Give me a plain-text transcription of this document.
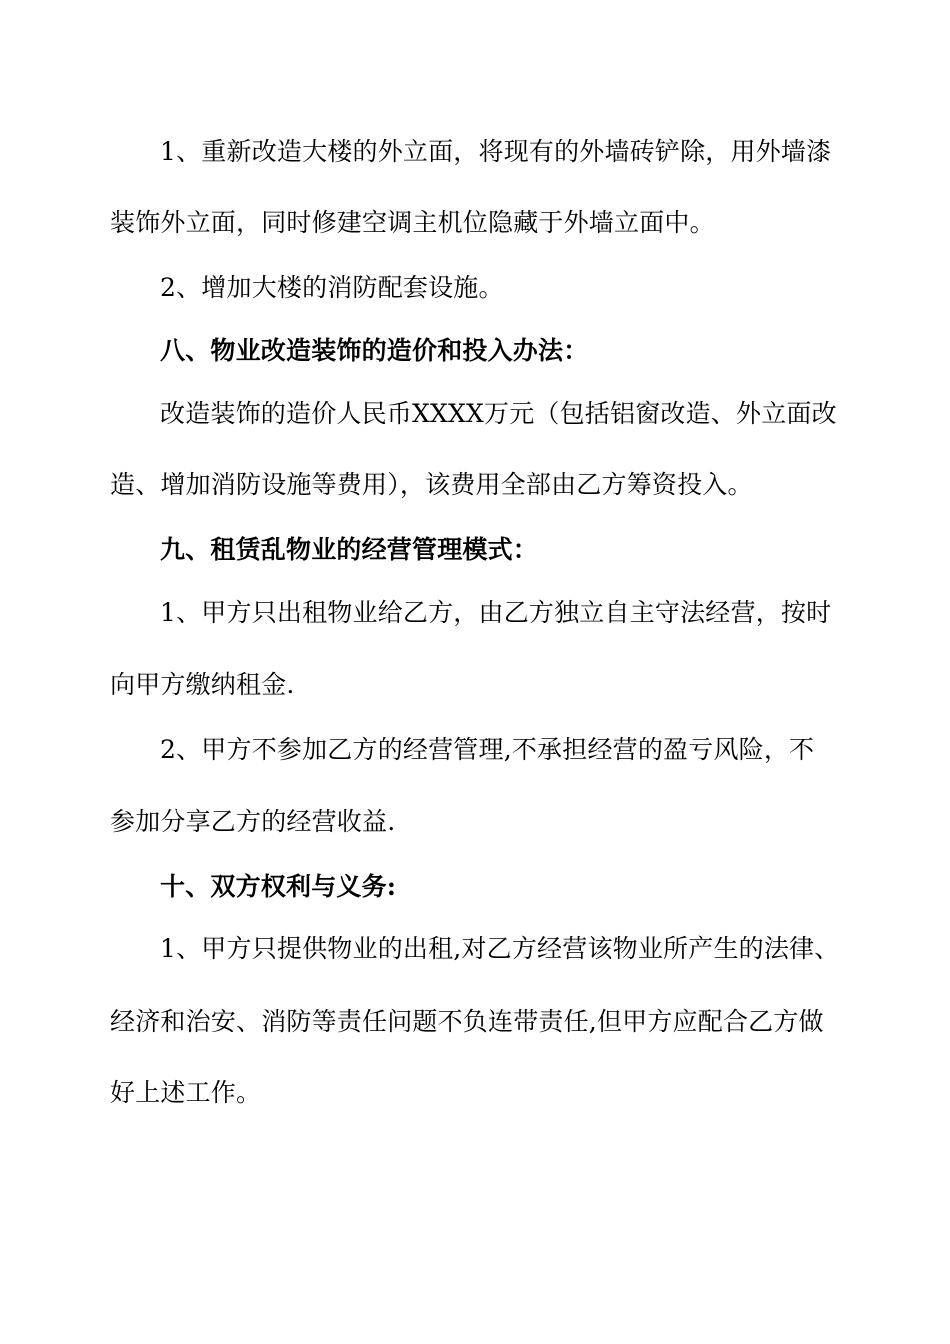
1、重新改造大楼的外立面，将现有的外墙砖铲除，用外墙漆
装饰外立面，同时修建空调主机位隐藏于外墙立面中。
2、增加大楼的消防配套设施。
八、物业改造装饰的造价和投入办法：
改造装饰的造价人民币XXXX万元（包括铝窗改造、外立面改
造、增加消防设施等费用），该费用全部由乙方筹资投入。
九、租赁乱物业的经营管理模式：
1、甲方只出租物业给乙方，由乙方独立自主守法经营，按时
向甲方缴纳租金.
2、甲方不参加乙方的经营管理,不承担经营的盈亏风险，不
参加分享乙方的经营收益.
十、双方权利与义务:
1、甲方只提供物业的出租,对乙方经营该物业所产生的法律、
经济和治安、消防等责任问题不负连带责任,但甲方应配合乙方做
好上述工作。
